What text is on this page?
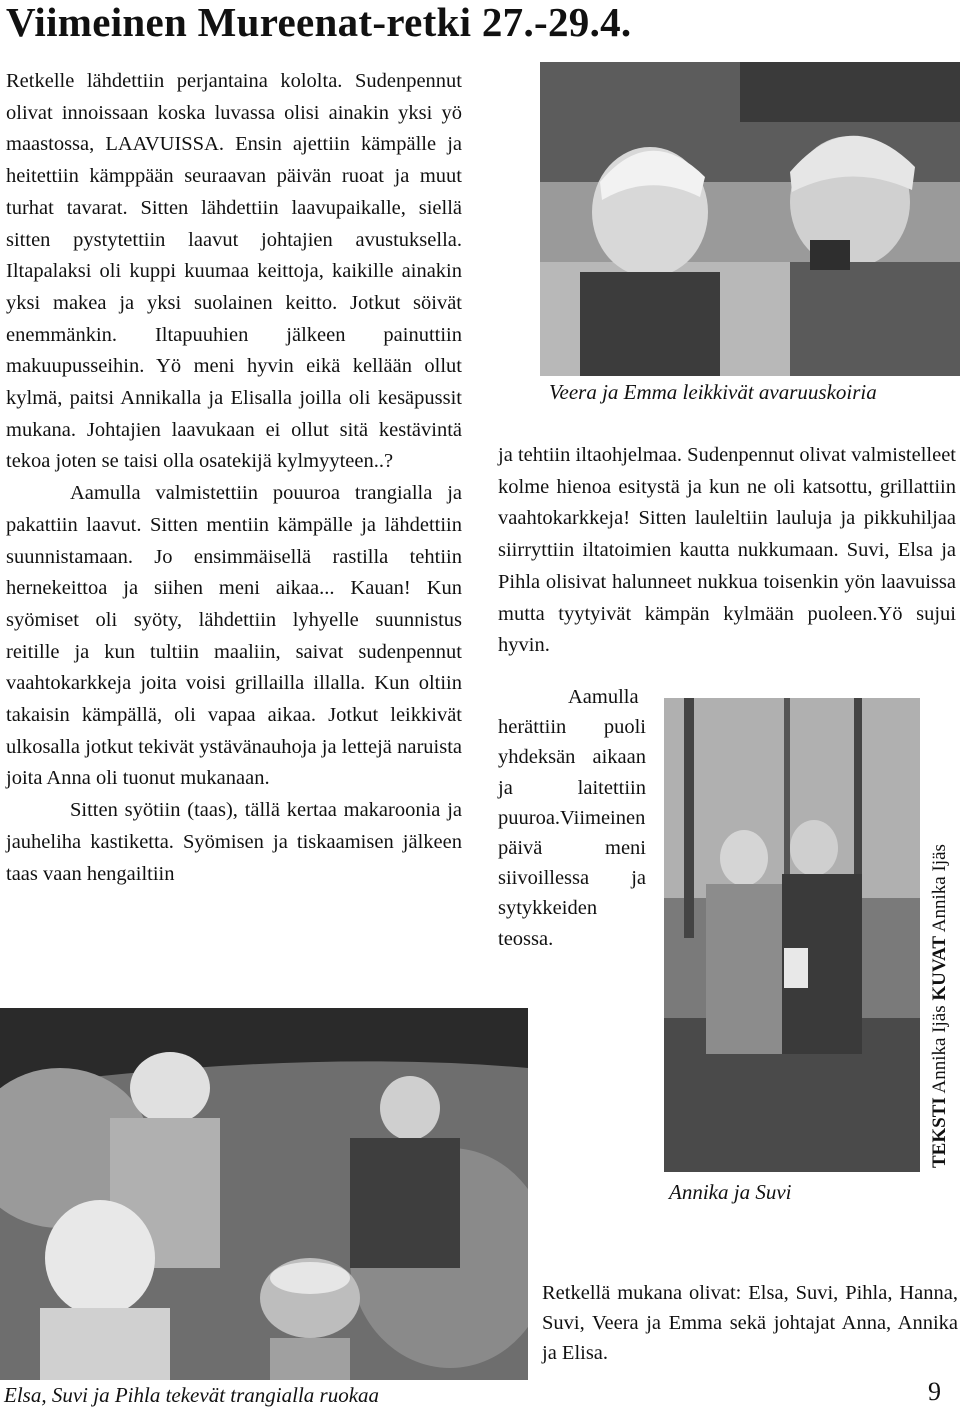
Viimeinen Mureenat-retki 27.-29.4.

Retkelle lähdettiin perjantaina kololta. Sudenpennut olivat innoissaan koska luvassa olisi ainakin yksi yö maastossa, LAAVUISSA. Ensin ajettiin kämpälle ja heitettiin kämppään seuraavan päivän ruoat ja muut turhat tavarat. Sitten lähdettiin laavupaikalle, siellä sitten pystytettiin laavut johtajien avustuksella. Iltapalaksi oli kuppi kuumaa keittoja, kaikille ainakin yksi makea ja yksi suolainen keitto. Jotkut söivät enemmänkin. Iltapuuhien jälkeen painuttiin makuupusseihin. Yö meni hyvin eikä kellään ollut kylmä, paitsi Annikalla ja Elisalla joilla oli kesäpussit mukana. Johtajien laavukaan ei ollut sitä kestävintä tekoa joten se taisi olla osatekijä kylmyyteen..?

Aamulla valmistettiin pouuroa trangialla ja pakattiin laavut. Sitten mentiin kämpälle ja lähdettiin suunnistamaan. Jo ensimmäisellä rastilla tehtiin hernekeittoa ja siihen meni aikaa... Kauan! Kun syömiset oli syöty, lähdettiin lyhyelle suunnistus reitille ja kun tultiin maaliin, saivat sudenpennut vaahtokarkkeja joita voisi grillailla illalla. Kun oltiin takaisin kämpällä, oli vapaa aikaa. Jotkut leikkivät ulkosalla jotkut tekivät ystävänauhoja ja lettejä naruista joita Anna oli tuonut mukanaan.

Sitten syötiin (taas), tällä kertaa makaroonia ja jauheliha kastiketta. Syömisen ja tiskaamisen jälkeen taas vaan hengailtiin

Veera ja Emma leikkivät avaruuskoiria

ja tehtiin iltaohjelmaa. Sudenpennut olivat valmistelleet kolme hienoa esitystä ja kun ne oli katsottu, grillattiin vaahtokarkkeja! Sitten lauleltiin lauluja ja pikkuhiljaa siirryttiin iltatoimien kautta nukkumaan. Suvi, Elsa ja Pihla olisivat halunneet nukkua toisenkin yön laavuissa mutta tyytyivät kämpän kylmään puoleen.Yö sujui hyvin.

Aamulla herättiin puoli yhdeksän aikaan ja laitettiin puuroa.Viimeinen päivä meni siivoillessa ja sytykkeiden teossa.

Annika ja Suvi
TEKSTI Annika Ijäs KUVAT Annika Ijäs
Elsa, Suvi ja Pihla tekevät trangialla ruokaa
Retkellä mukana olivat: Elsa, Suvi, Pihla, Hanna, Suvi, Veera ja Emma sekä johtajat Anna, Annika ja Elisa.
9
